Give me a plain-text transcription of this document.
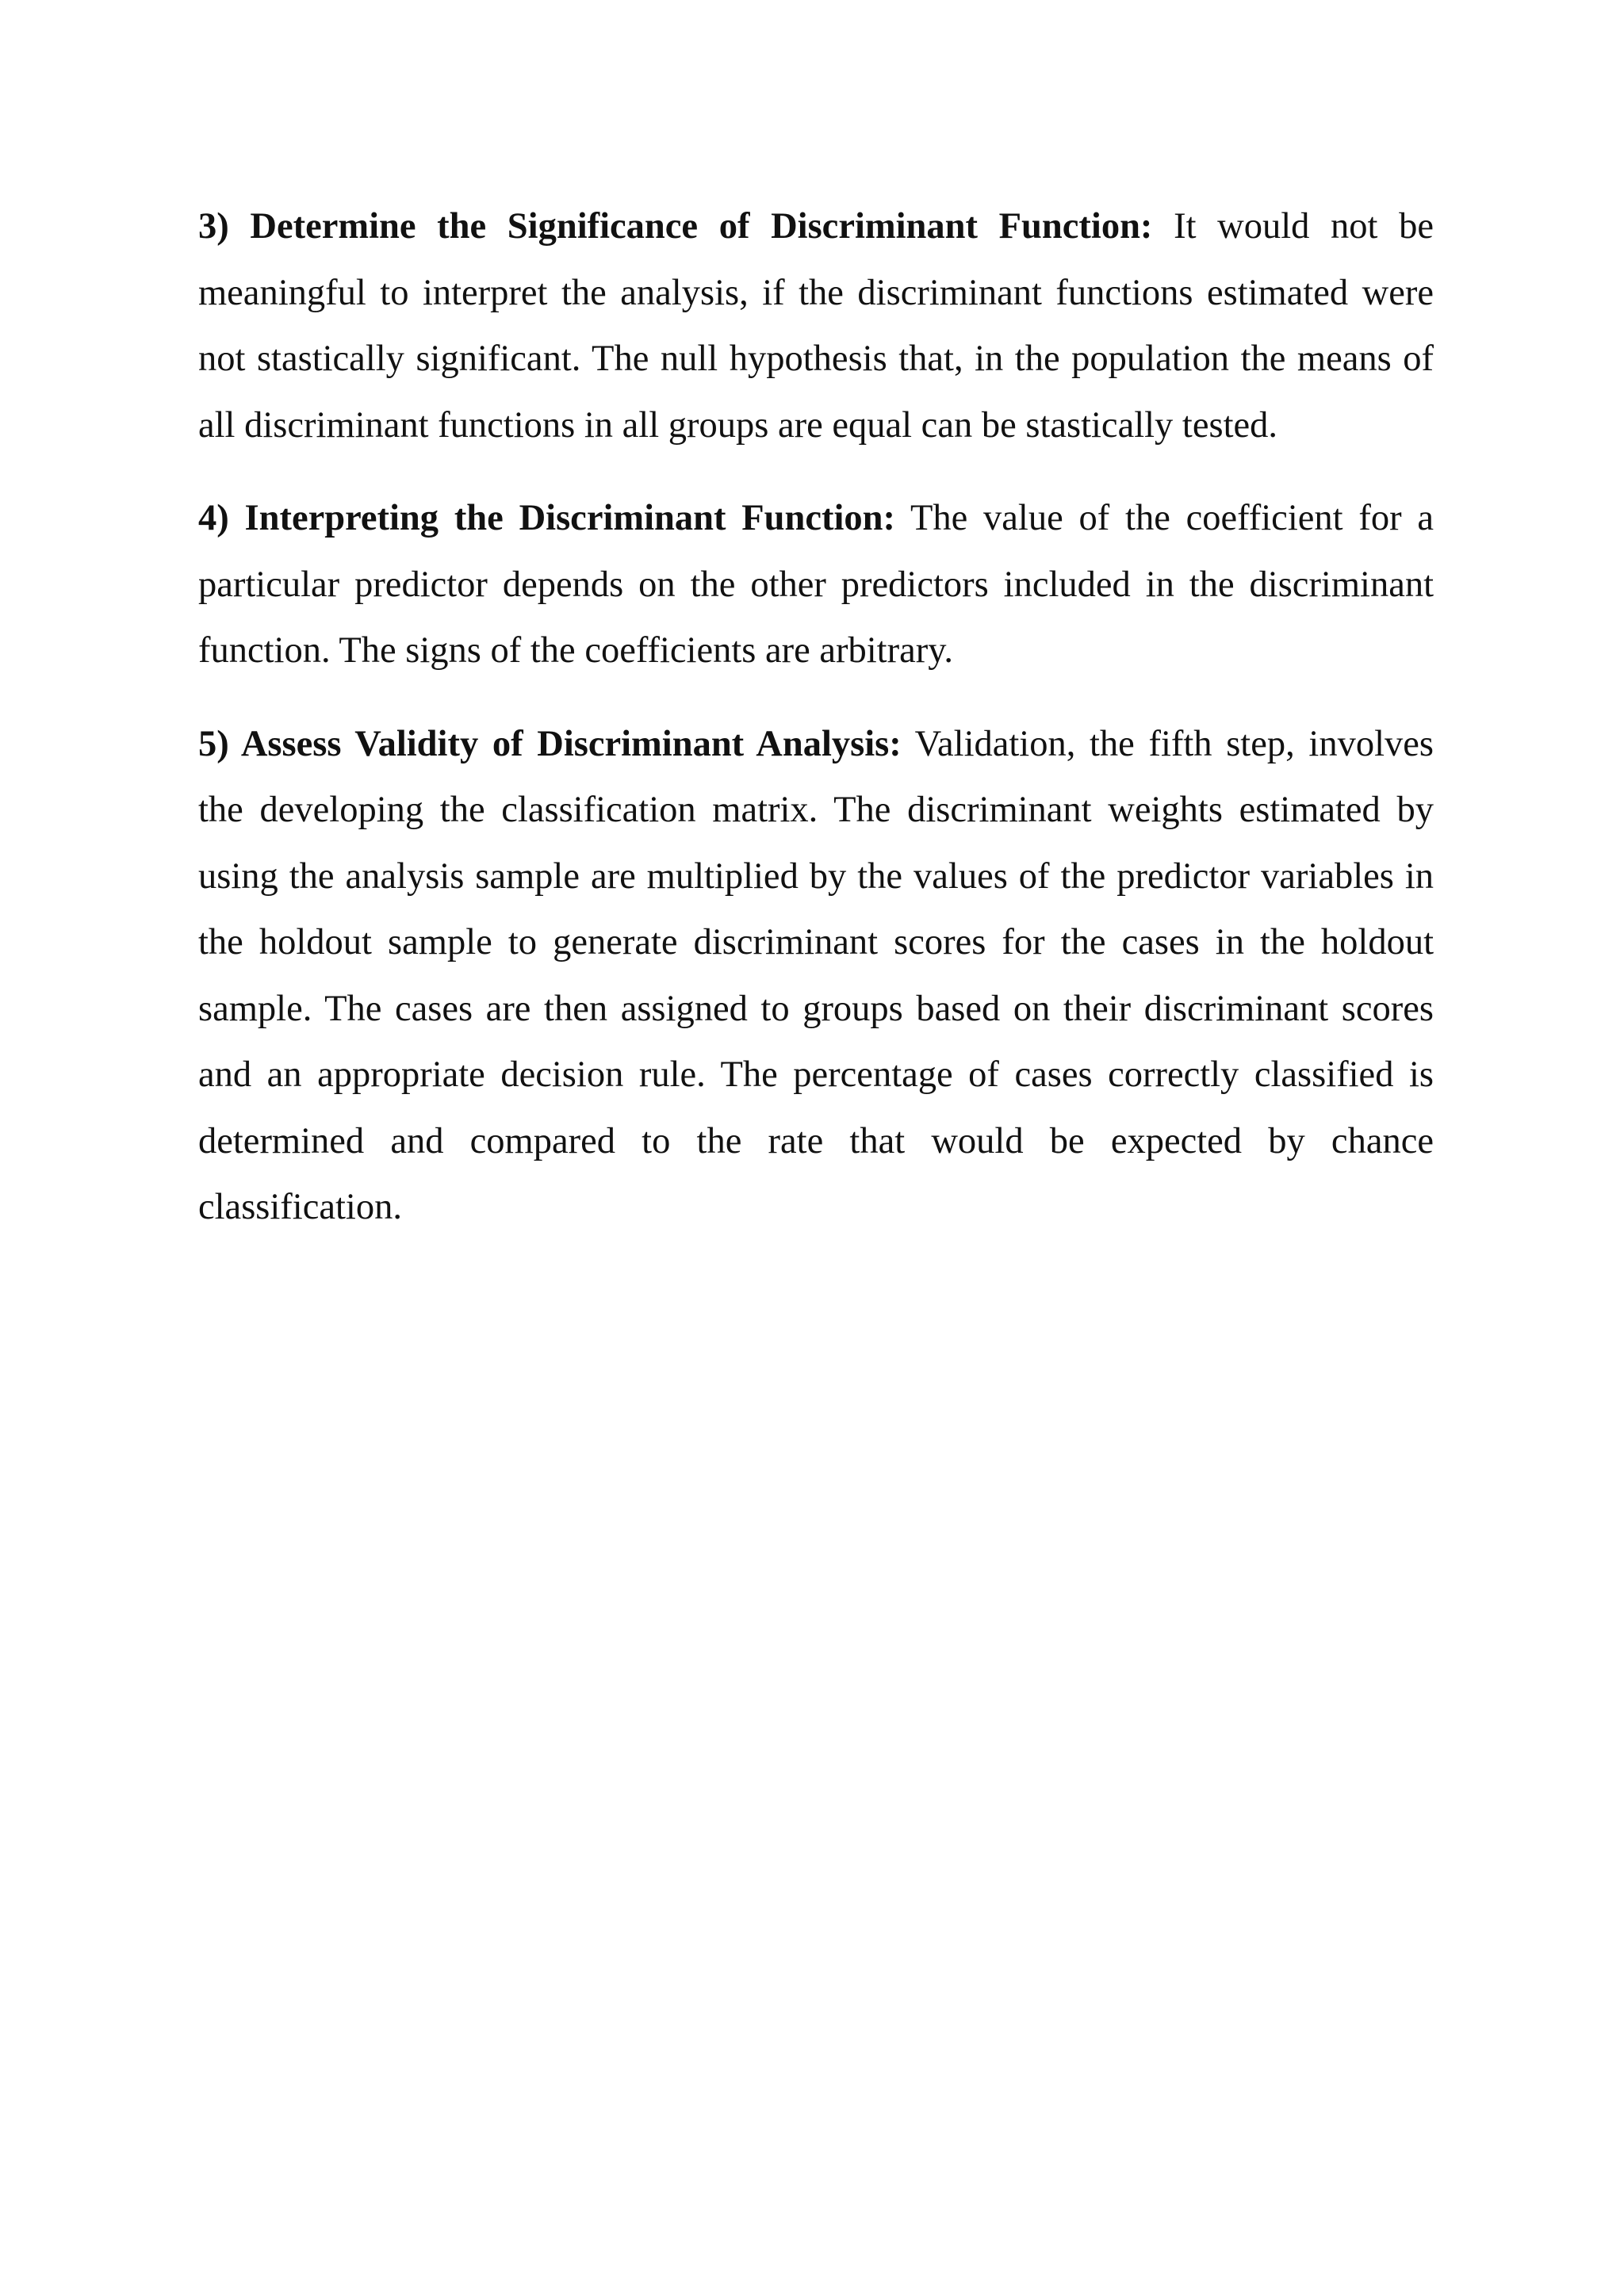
3) Determine the Significance of Discriminant Function: It would not be meaningful to interpret the analysis, if the discriminant functions estimated were not stastically significant. The null hypothesis that, in the population the means of all discriminant functions in all groups are equal can be stastically tested.

4) Interpreting the Discriminant Function: The value of the coefficient for a particular predictor depends on the other predictors included in the discriminant function. The signs of the coefficients are arbitrary.

5) Assess Validity of Discriminant Analysis: Validation, the fifth step, involves the developing the classification matrix. The discriminant weights estimated by using the analysis sample are multiplied by the values of the predictor variables in the holdout sample to generate discriminant scores for the cases in the holdout sample. The cases are then assigned to groups based on their discriminant scores and an appropriate decision rule. The percentage of cases correctly classified is determined and compared to the rate that would be expected by chance classification.
